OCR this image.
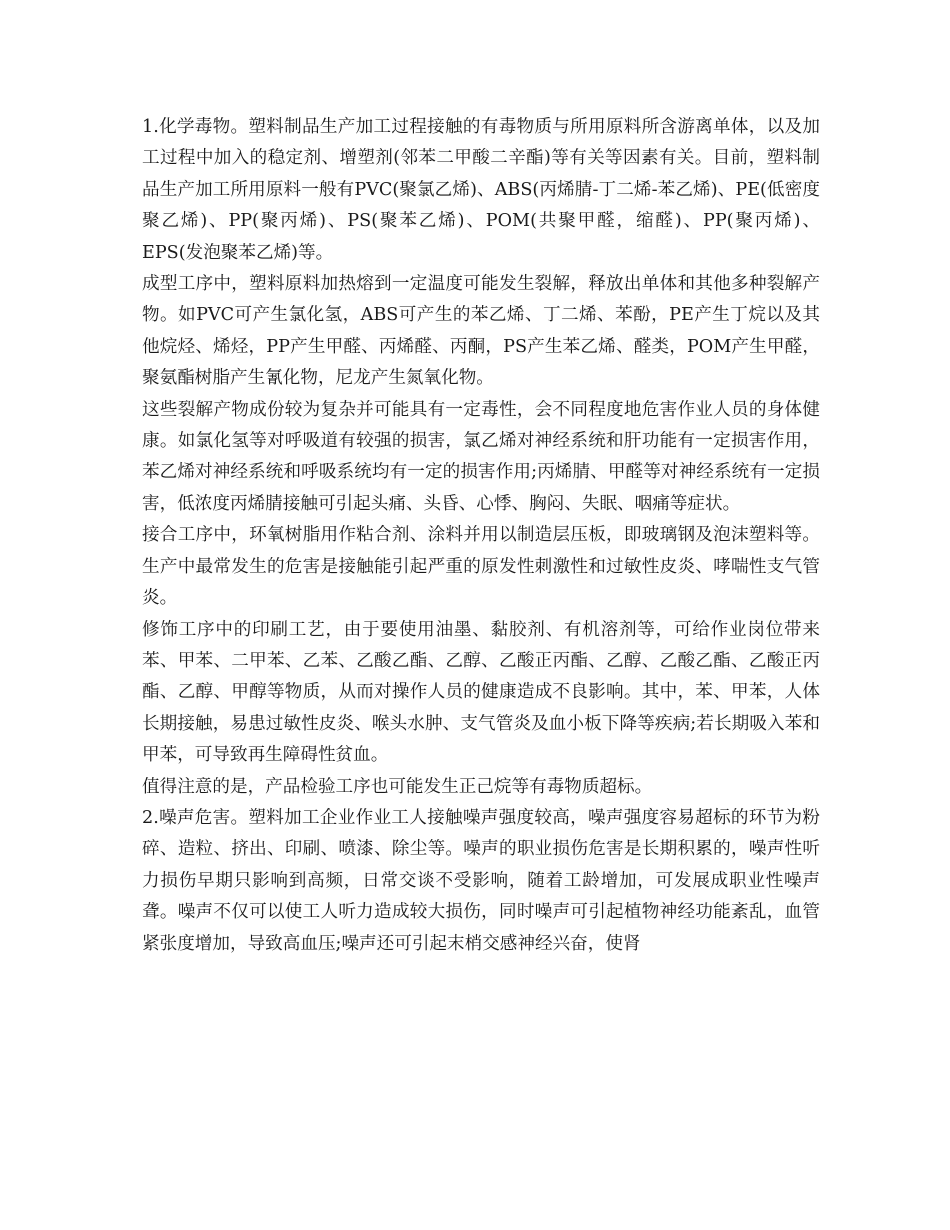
1.化学毒物。塑料制品生产加工过程接触的有毒物质与所用原料所含游离单体，以及加工过程中加入的稳定剂、增塑剂(邻苯二甲酸二辛酯)等有关等因素有关。目前，塑料制品生产加工所用原料一般有PVC(聚氯乙烯)、ABS(丙烯腈-丁二烯-苯乙烯)、PE(低密度聚乙烯)、PP(聚丙烯)、PS(聚苯乙烯)、POM(共聚甲醛，缩醛)、PP(聚丙烯)、EPS(发泡聚苯乙烯)等。

成型工序中，塑料原料加热熔到一定温度可能发生裂解，释放出单体和其他多种裂解产物。如PVC可产生氯化氢，ABS可产生的苯乙烯、丁二烯、苯酚，PE产生丁烷以及其他烷烃、烯烃，PP产生甲醛、丙烯醛、丙酮，PS产生苯乙烯、醛类，POM产生甲醛，聚氨酯树脂产生氰化物，尼龙产生氮氧化物。

这些裂解产物成份较为复杂并可能具有一定毒性，会不同程度地危害作业人员的身体健康。如氯化氢等对呼吸道有较强的损害，氯乙烯对神经系统和肝功能有一定损害作用，苯乙烯对神经系统和呼吸系统均有一定的损害作用;丙烯腈、甲醛等对神经系统有一定损害，低浓度丙烯腈接触可引起头痛、头昏、心悸、胸闷、失眠、咽痛等症状。

接合工序中，环氧树脂用作粘合剂、涂料并用以制造层压板，即玻璃钢及泡沫塑料等。生产中最常发生的危害是接触能引起严重的原发性刺激性和过敏性皮炎、哮喘性支气管炎。

修饰工序中的印刷工艺，由于要使用油墨、黏胶剂、有机溶剂等，可给作业岗位带来苯、甲苯、二甲苯、乙苯、乙酸乙酯、乙醇、乙酸正丙酯、乙醇、乙酸乙酯、乙酸正丙酯、乙醇、甲醇等物质，从而对操作人员的健康造成不良影响。其中，苯、甲苯，人体长期接触，易患过敏性皮炎、喉头水肿、支气管炎及血小板下降等疾病;若长期吸入苯和甲苯，可导致再生障碍性贫血。

值得注意的是，产品检验工序也可能发生正己烷等有毒物质超标。

2.噪声危害。塑料加工企业作业工人接触噪声强度较高，噪声强度容易超标的环节为粉碎、造粒、挤出、印刷、喷漆、除尘等。噪声的职业损伤危害是长期积累的，噪声性听力损伤早期只影响到高频，日常交谈不受影响，随着工龄增加，可发展成职业性噪声聋。噪声不仅可以使工人听力造成较大损伤，同时噪声可引起植物神经功能紊乱，血管紧张度增加，导致高血压;噪声还可引起末梢交感神经兴奋，使肾
